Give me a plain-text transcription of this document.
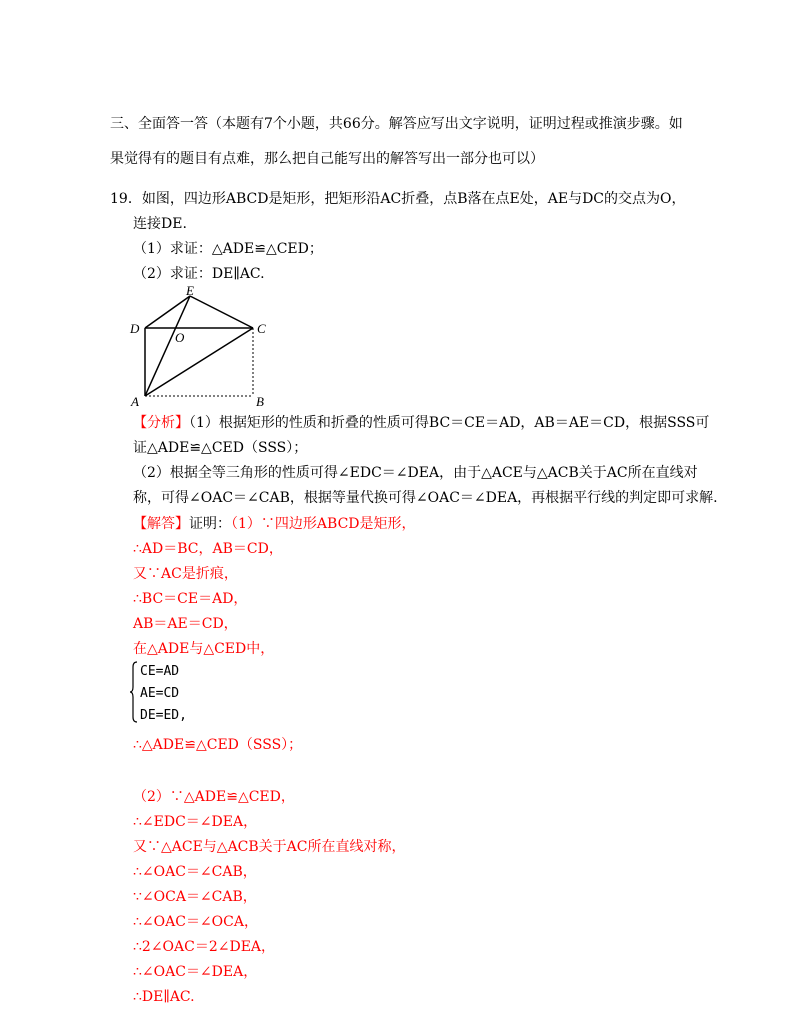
三、全面答一答（本题有7个小题，共66分。解答应写出文字说明，证明过程或推演步骤。如
果觉得有的题目有点难，那么把自己能写出的解答写出一部分也可以）
19．如图，四边形ABCD是矩形，把矩形沿AC折叠，点B落在点E处，AE与DC的交点为O，
连接DE.
（1）求证：△ADE≌△CED；
（2）求证：DE∥AC.
E
D	C
O
A	B
【分析】（1）根据矩形的性质和折叠的性质可得BC＝CE＝AD，AB＝AE＝CD，根据SSS可
证△ADE≌△CED（SSS）；
（2）根据全等三角形的性质可得∠EDC＝∠DEA，由于△ACE与△ACB关于AC所在直线对
称，可得∠OAC＝∠CAB，根据等量代换可得∠OAC＝∠DEA，再根据平行线的判定即可求解.
【解答】证明：（1）∵四边形ABCD是矩形，
∴AD＝BC，AB＝CD，
又∵AC是折痕，
∴BC＝CE＝AD，
AB＝AE＝CD，
在△ADE与△CED中，
CE=AD
AE=CD
DE=ED,
∴△ADE≌△CED（SSS）；
（2）∵△ADE≌△CED，
∴∠EDC＝∠DEA，
又∵△ACE与△ACB关于AC所在直线对称，
∴∠OAC＝∠CAB，
∵∠OCA＝∠CAB，
∴∠OAC＝∠OCA，
∴2∠OAC＝2∠DEA，
∴∠OAC＝∠DEA，
∴DE∥AC.
